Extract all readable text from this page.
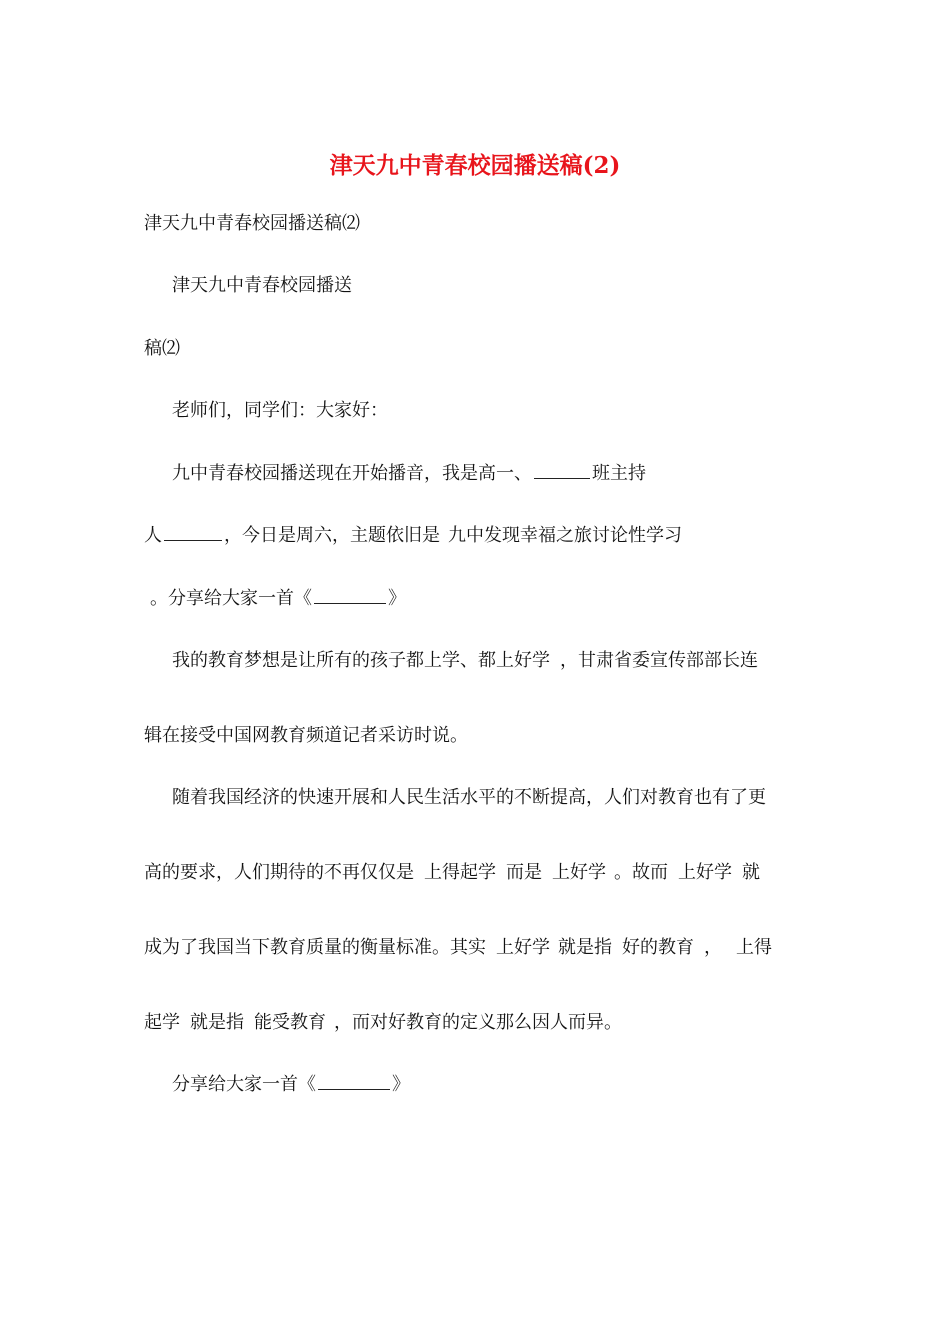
津天九中青春校园播送稿(2)
津天九中青春校园播送稿⑵
津天九中青春校园播送
稿⑵
老师们，同学们：大家好：
九中青春校园播送现在开始播音，我是高一、	班主持
人	，今日是周六，主题依旧是 九中发现幸福之旅讨论性学习
。分享给大家一首《	》
我的教育梦想是让所有的孩子都上学、都上好学 ，甘肃省委宣传部部长连
辑在接受中国网教育频道记者采访时说。
随着我国经济的快速开展和人民生活水平的不断提高，人们对教育也有了更
高的要求，人们期待的不再仅仅是 上得起学 而是 上好学 。故而 上好学 就
成为了我国当下教育质量的衡量标准。其实 上好学 就是指 好的教育 ， 上得
起学 就是指 能受教育 ，而对好教育的定义那么因人而异。
分享给大家一首《	》
